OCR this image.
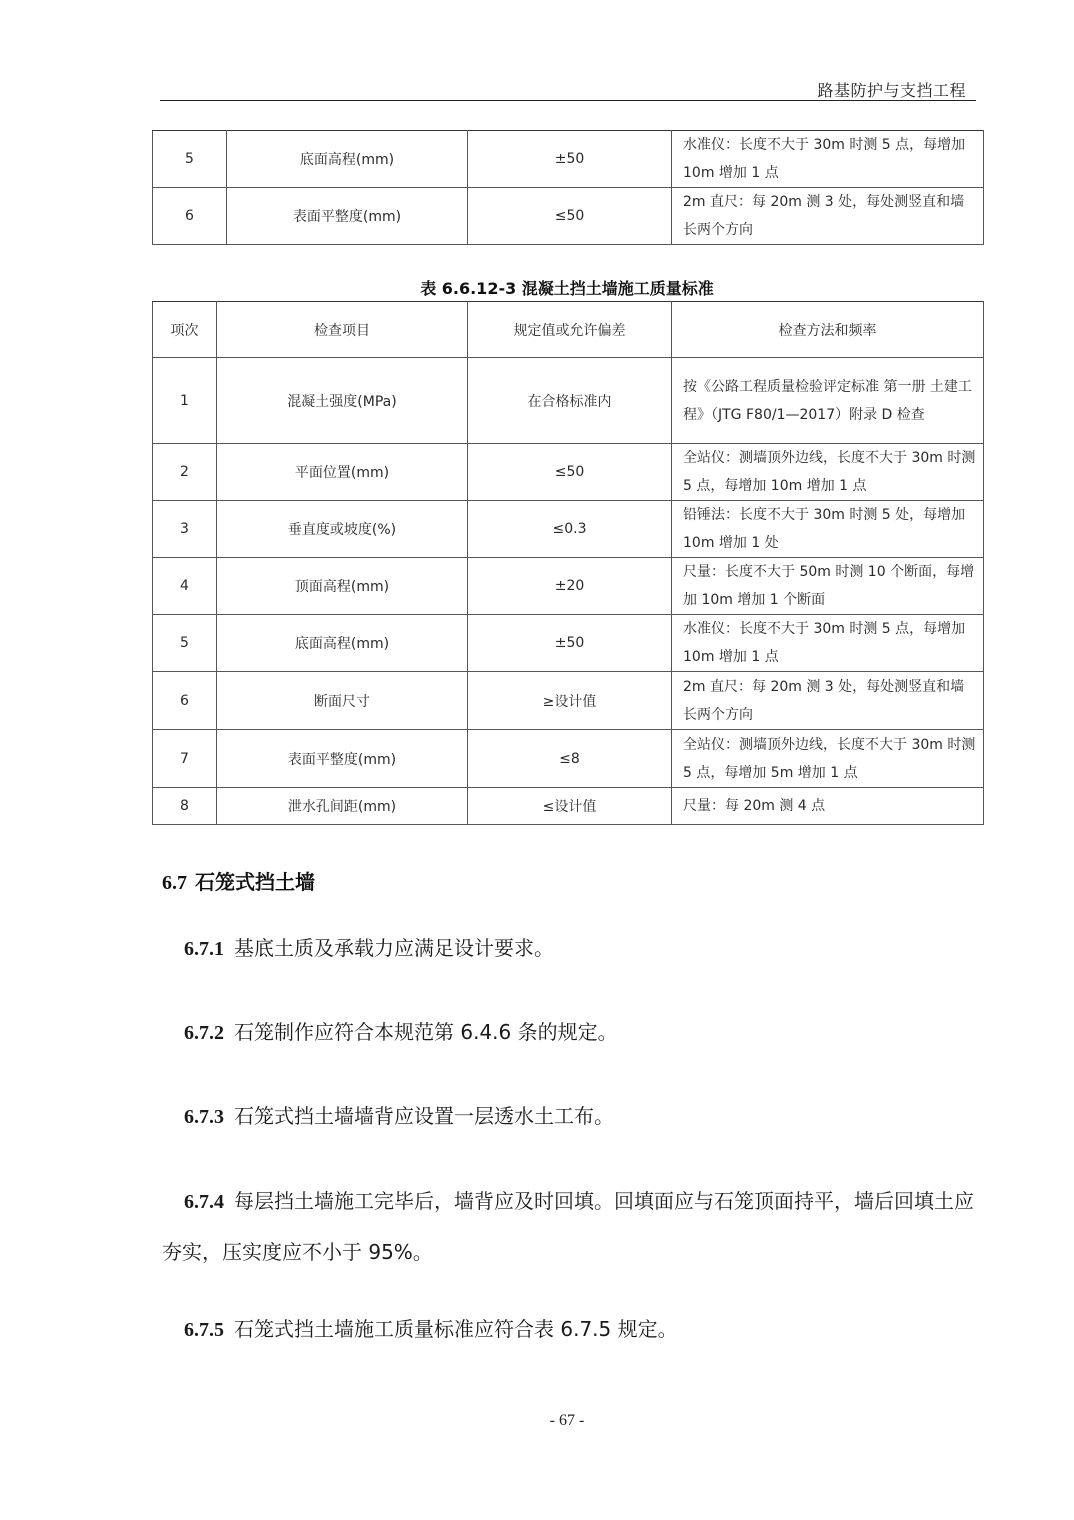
路基防护与支挡工程
5	底面高程(mm)	±50	水准仪：长度不大于 30m 时测 5 点，每增加 10m 增加 1 点
6	表面平整度(mm)	≤50	2m 直尺：每 20m 测 3 处，每处测竖直和墙长两个方向
表 6.6.12-3 混凝土挡土墙施工质量标准
项次	检查项目	规定值或允许偏差	检查方法和频率
1	混凝土强度(MPa)	在合格标准内	按《公路工程质量检验评定标准 第一册 土建工程》（JTG F80/1—2017）附录 D 检查
2	平面位置(mm)	≤50	全站仪：测墙顶外边线，长度不大于 30m 时测 5 点，每增加 10m 增加 1 点
3	垂直度或坡度(%)	≤0.3	铅锤法：长度不大于 30m 时测 5 处，每增加 10m 增加 1 处
4	顶面高程(mm)	±20	尺量：长度不大于 50m 时测 10 个断面，每增加 10m 增加 1 个断面
5	底面高程(mm)	±50	水准仪：长度不大于 30m 时测 5 点，每增加 10m 增加 1 点
6	断面尺寸	≥设计值	2m 直尺：每 20m 测 3 处，每处测竖直和墙长两个方向
7	表面平整度(mm)	≤8	全站仪：测墙顶外边线，长度不大于 30m 时测 5 点，每增加 5m 增加 1 点
8	泄水孔间距(mm)	≤设计值	尺量：每 20m 测 4 点
6.7 石笼式挡土墙
6.7.1 基底土质及承载力应满足设计要求。
6.7.2 石笼制作应符合本规范第 6.4.6 条的规定。
6.7.3 石笼式挡土墙墙背应设置一层透水土工布。
6.7.4 每层挡土墙施工完毕后，墙背应及时回填。回填面应与石笼顶面持平，墙后回填土应夯实，压实度应不小于 95%。
6.7.5 石笼式挡土墙施工质量标准应符合表 6.7.5 规定。
- 67 -
